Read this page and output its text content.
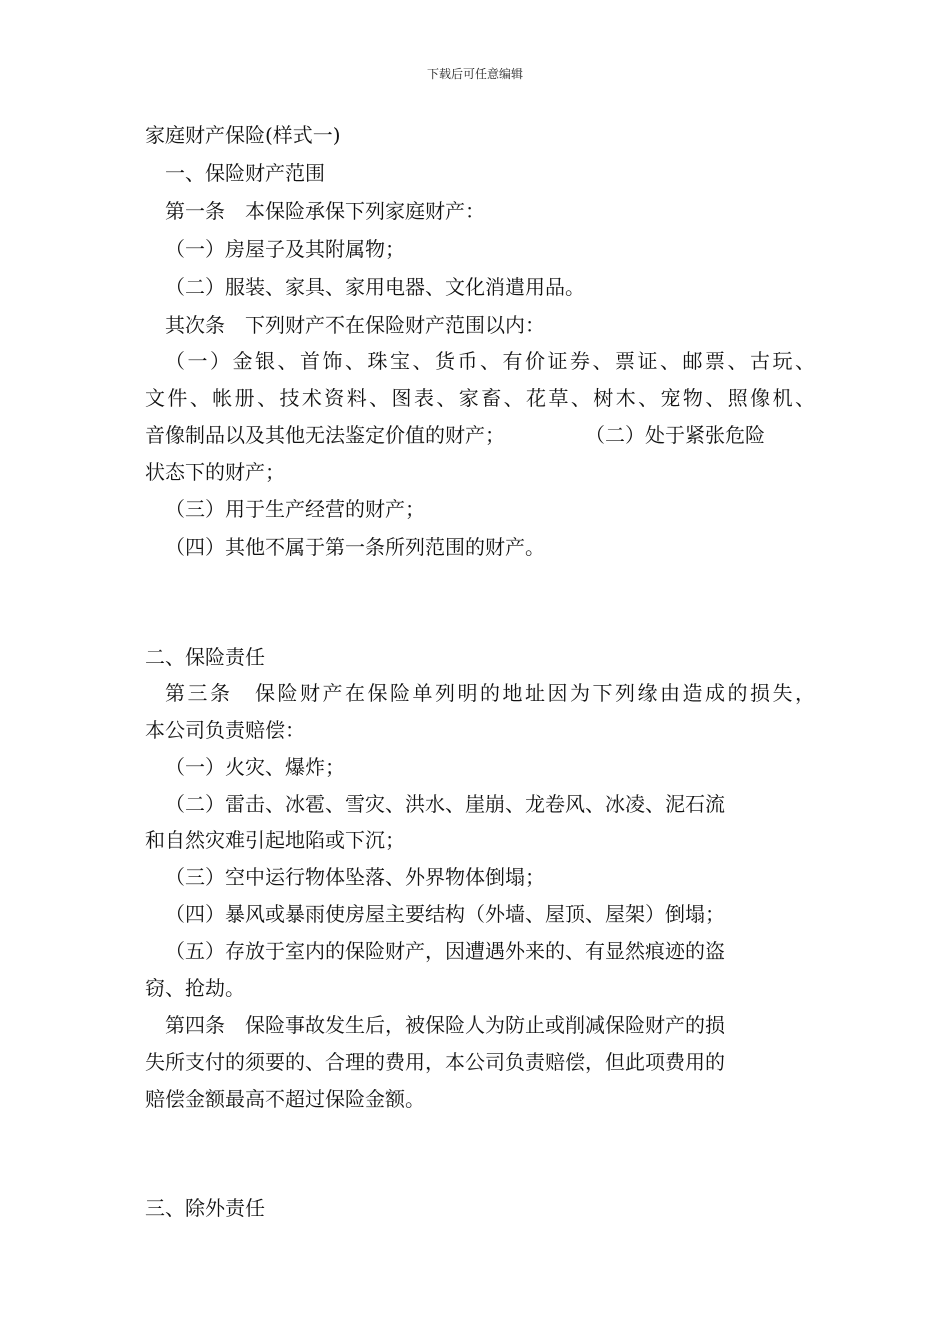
下载后可任意编辑
家庭财产保险(样式一)
一、保险财产范围
第一条　本保险承保下列家庭财产：
（一）房屋子及其附属物；
（二）服装、家具、家用电器、文化消遣用品。
其次条　下列财产不在保险财产范围以内：
（一）金银、首饰、珠宝、货币、有价证券、票证、邮票、古玩、
文件、帐册、技术资料、图表、家畜、花草、树木、宠物、照像机、
音像制品以及其他无法鉴定价值的财产；	（二）处于紧张危险
状态下的财产；
（三）用于生产经营的财产；
（四）其他不属于第一条所列范围的财产。
二、保险责任
第三条　保险财产在保险单列明的地址因为下列缘由造成的损失，
本公司负责赔偿：
（一）火灾、爆炸；
（二）雷击、冰雹、雪灾、洪水、崖崩、龙卷风、冰凌、泥石流
和自然灾难引起地陷或下沉；
（三）空中运行物体坠落、外界物体倒塌；
（四）暴风或暴雨使房屋主要结构（外墙、屋顶、屋架）倒塌；
（五）存放于室内的保险财产，因遭遇外来的、有显然痕迹的盗
窃、抢劫。
第四条　保险事故发生后，被保险人为防止或削减保险财产的损
失所支付的须要的、合理的费用，本公司负责赔偿，但此项费用的
赔偿金额最高不超过保险金额。
三、除外责任
